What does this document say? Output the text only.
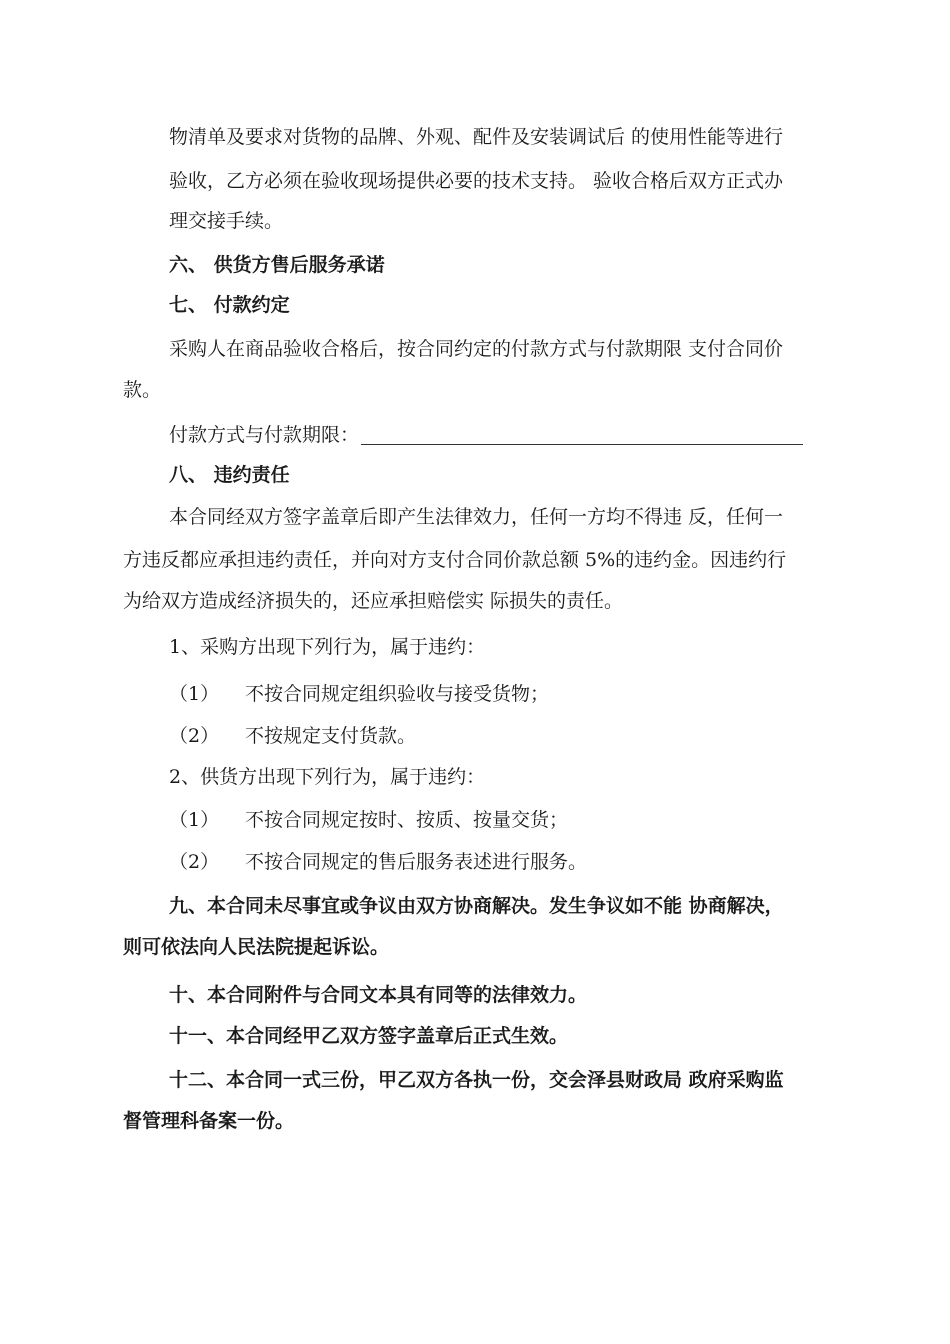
物清单及要求对货物的品牌、外观、配件及安装调试后 的使用性能等进行
验收，乙方必须在验收现场提供必要的技术支持。 验收合格后双方正式办
理交接手续。
六、 供货方售后服务承诺
七、 付款约定
采购人在商品验收合格后，按合同约定的付款方式与付款期限 支付合同价
款。
付款方式与付款期限：
八、 违约责任
本合同经双方签字盖章后即产生法律效力，任何一方均不得违 反，任何一
方违反都应承担违约责任，并向对方支付合同价款总额 5%的违约金。因违约行
为给双方造成经济损失的，还应承担赔偿实 际损失的责任。
1、采购方出现下列行为，属于违约：
（1） 不按合同规定组织验收与接受货物；
（2） 不按规定支付货款。
2、供货方出现下列行为，属于违约：
（1） 不按合同规定按时、按质、按量交货；
（2） 不按合同规定的售后服务表述进行服务。
九、本合同未尽事宜或争议由双方协商解决。发生争议如不能 协商解决，
则可依法向人民法院提起诉讼。
十、本合同附件与合同文本具有同等的法律效力。
十一、本合同经甲乙双方签字盖章后正式生效。
十二、本合同一式三份，甲乙双方各执一份，交会泽县财政局 政府采购监
督管理科备案一份。
